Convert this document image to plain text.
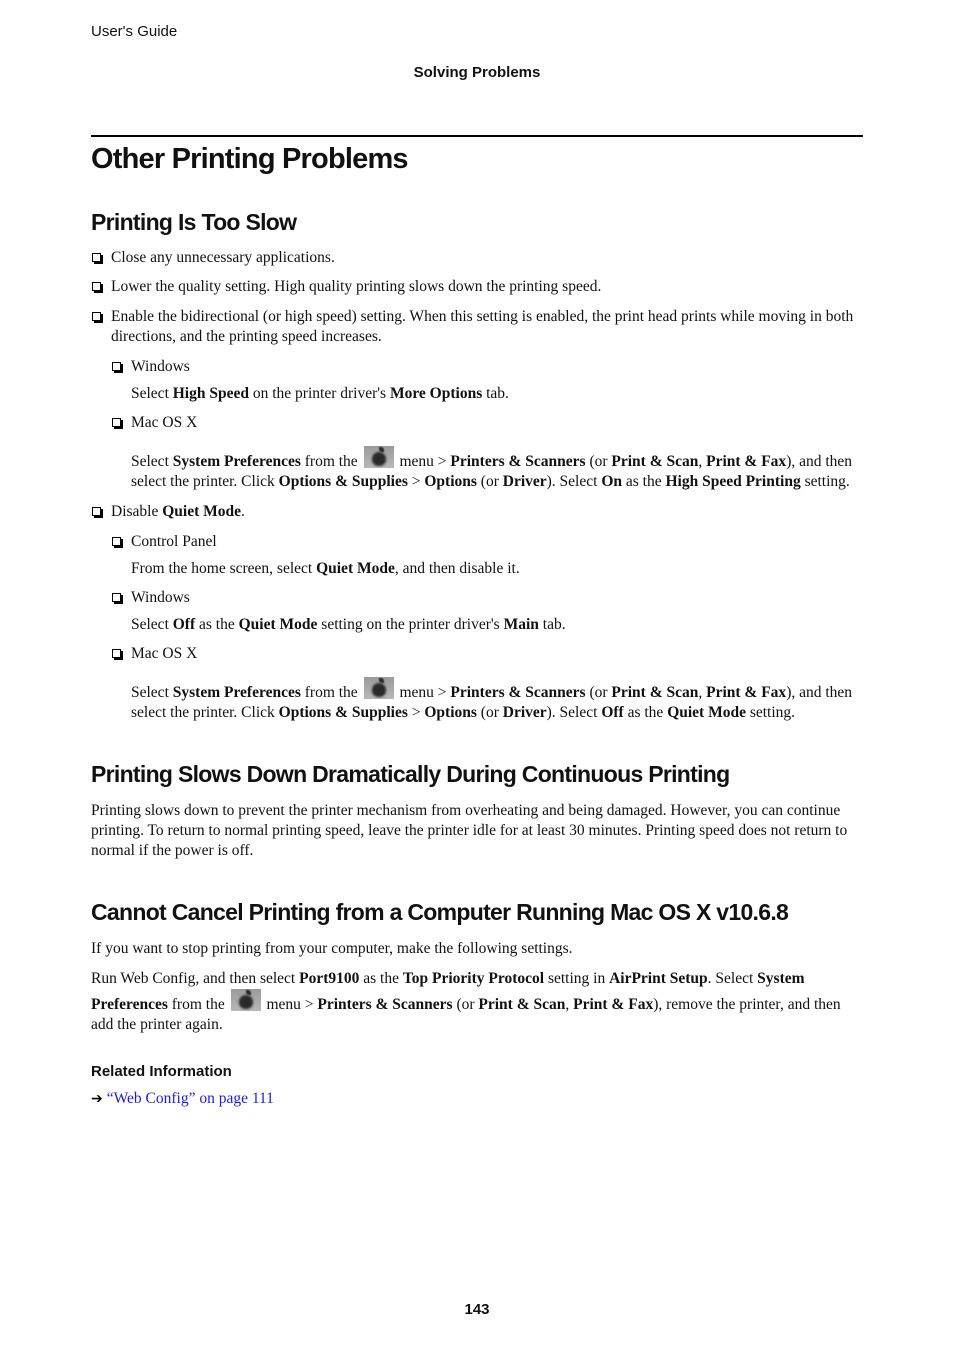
User's Guide
Solving Problems
Other Printing Problems
Printing Is Too Slow

Close any unnecessary applications.

Lower the quality setting. High quality printing slows down the printing speed.

Enable the bidirectional (or high speed) setting. When this setting is enabled, the print head prints while moving in both directions, and the printing speed increases.

Windows

Select High Speed on the printer driver's More Options tab.

Mac OS X

Select System Preferences from the  menu > Printers & Scanners (or Print & Scan, Print & Fax), and then select the printer. Click Options & Supplies > Options (or Driver). Select On as the High Speed Printing setting.

Disable Quiet Mode.

Control Panel

From the home screen, select Quiet Mode, and then disable it.

Windows

Select Off as the Quiet Mode setting on the printer driver's Main tab.

Mac OS X

Select System Preferences from the  menu > Printers & Scanners (or Print & Scan, Print & Fax), and then select the printer. Click Options & Supplies > Options (or Driver). Select Off as the Quiet Mode setting.

Printing Slows Down Dramatically During Continuous Printing

Printing slows down to prevent the printer mechanism from overheating and being damaged. However, you can continue printing. To return to normal printing speed, leave the printer idle for at least 30 minutes. Printing speed does not return to normal if the power is off.

Cannot Cancel Printing from a Computer Running Mac OS X v10.6.8

If you want to stop printing from your computer, make the following settings.

Run Web Config, and then select Port9100 as the Top Priority Protocol setting in AirPrint Setup. Select System Preferences from the  menu > Printers & Scanners (or Print & Scan, Print & Fax), remove the printer, and then add the printer again.

Related Information
➔ “Web Config” on page 111
143
